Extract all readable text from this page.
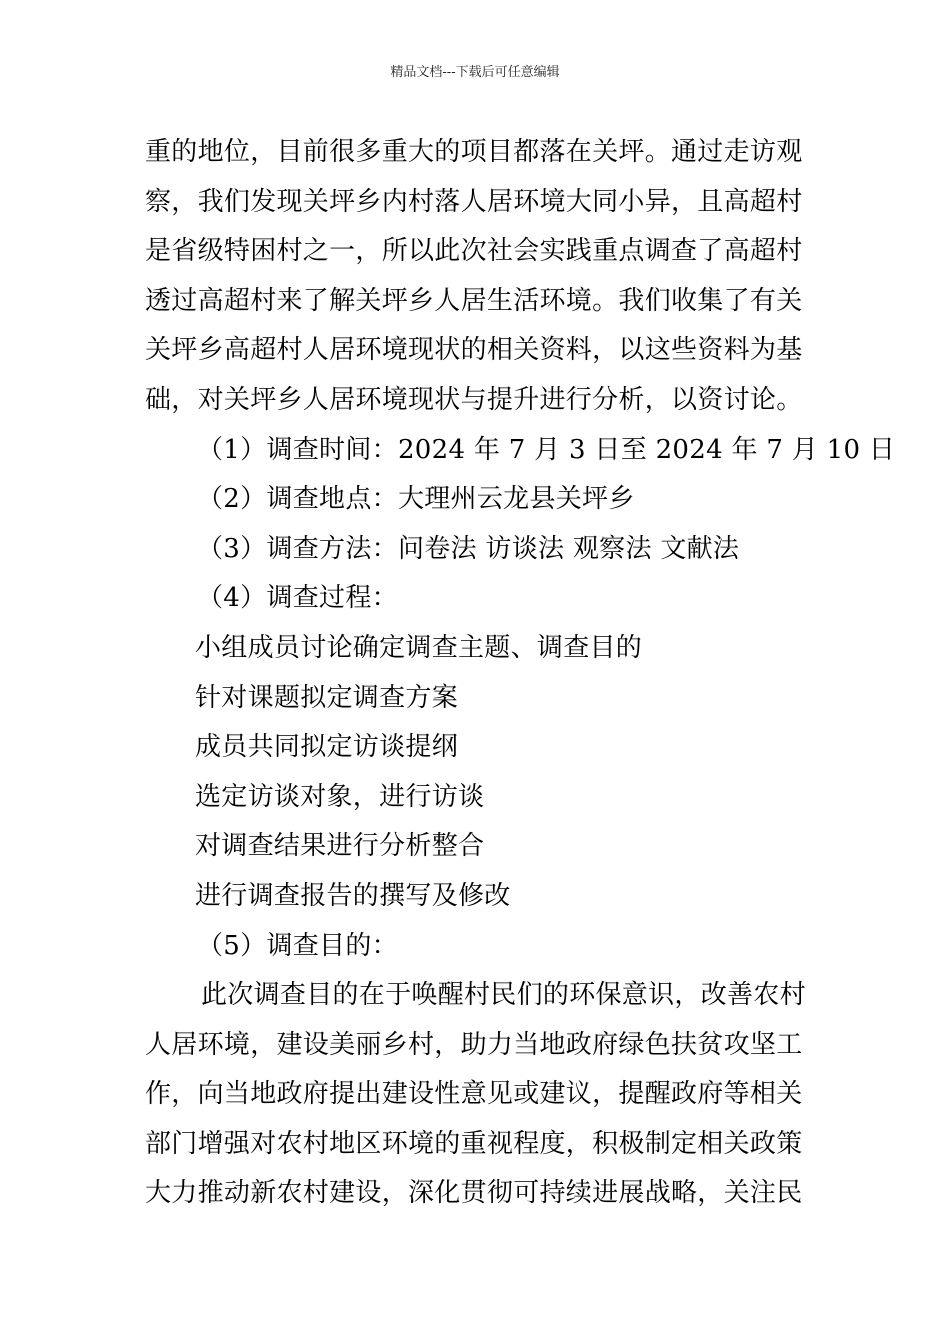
精品文档---下载后可任意编辑
重的地位，目前很多重大的项目都落在关坪。通过走访观
察，我们发现关坪乡内村落人居环境大同小异，且高超村
是省级特困村之一，所以此次社会实践重点调查了高超村
透过高超村来了解关坪乡人居生活环境。我们收集了有关
关坪乡高超村人居环境现状的相关资料，以这些资料为基
础，对关坪乡人居环境现状与提升进行分析，以资讨论。
（1）调查时间：2024 年 7 月 3 日至 2024 年 7 月 10 日
（2）调查地点：大理州云龙县关坪乡
（3）调查方法：问卷法 访谈法 观察法 文献法
（4）调查过程：
小组成员讨论确定调查主题、调查目的
针对课题拟定调查方案
成员共同拟定访谈提纲
选定访谈对象，进行访谈
对调查结果进行分析整合
进行调查报告的撰写及修改
（5）调查目的：
此次调查目的在于唤醒村民们的环保意识，改善农村
人居环境，建设美丽乡村，助力当地政府绿色扶贫攻坚工
作，向当地政府提出建设性意见或建议，提醒政府等相关
部门增强对农村地区环境的重视程度，积极制定相关政策
大力推动新农村建设，深化贯彻可持续进展战略，关注民
